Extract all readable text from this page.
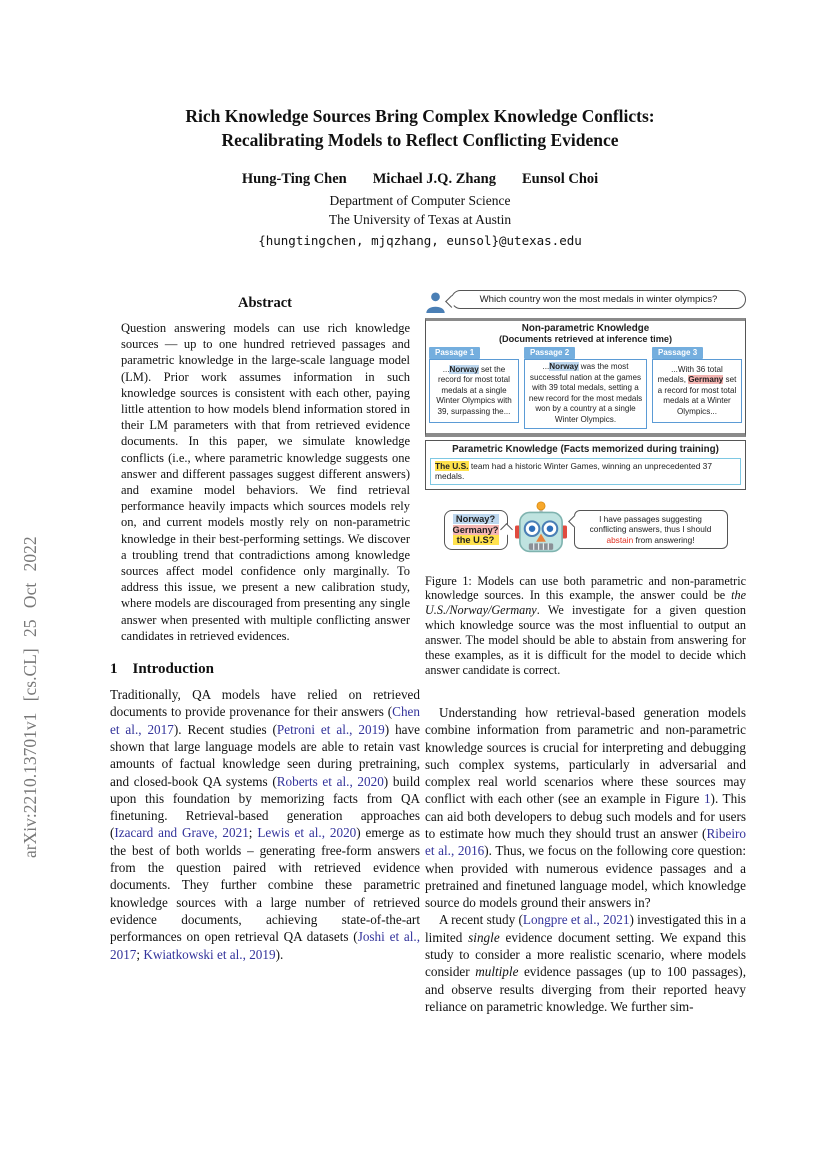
arXiv:2210.13701v1 [cs.CL] 25 Oct 2022
Rich Knowledge Sources Bring Complex Knowledge Conflicts:
Recalibrating Models to Reflect Conflicting Evidence
Hung-Ting Chen Michael J.Q. Zhang Eunsol Choi
Department of Computer Science
The University of Texas at Austin
{hungtingchen, mjqzhang, eunsol}@utexas.edu
Abstract
Question answering models can use rich knowledge sources — up to one hundred retrieved passages and parametric knowledge in the large-scale language model (LM). Prior work assumes information in such knowledge sources is consistent with each other, paying little attention to how models blend information stored in their LM parameters with that from retrieved evidence documents. In this paper, we simulate knowledge conflicts (i.e., where parametric knowledge suggests one answer and different passages suggest different answers) and examine model behaviors. We find retrieval performance heavily impacts which sources models rely on, and current models mostly rely on non-parametric knowledge in their best-performing settings. We discover a troubling trend that contradictions among knowledge sources affect model confidence only marginally. To address this issue, we present a new calibration study, where models are discouraged from presenting any single answer when presented with multiple conflicting answer candidates in retrieved evidences.
1 Introduction
Traditionally, QA models have relied on retrieved documents to provide provenance for their answers (Chen et al., 2017). Recent studies (Petroni et al., 2019) have shown that large language models are able to retain vast amounts of factual knowledge seen during pretraining, and closed-book QA systems (Roberts et al., 2020) build upon this foundation by memorizing facts from QA finetuning. Retrieval-based generation approaches (Izacard and Grave, 2021; Lewis et al., 2020) emerge as the best of both worlds – generating free-form answers from the question paired with retrieved evidence documents. They further combine these parametric knowledge sources with a large number of retrieved evidence documents, achieving state-of-the-art performances on open retrieval QA datasets (Joshi et al., 2017; Kwiatkowski et al., 2019).
Which country won the most medals in winter olympics?
Non-parametric Knowledge
(Documents retrieved at inference time)
Passage 1
...Norway set the record for most total medals at a single Winter Olympics with 39, surpassing the...
Passage 2
...Norway was the most successful nation at the games with 39 total medals, setting a new record for the most medals won by a country at a single Winter Olympics.
Passage 3
...With 36 total medals, Germany set a record for most total medals at a Winter Olympics...
Parametric Knowledge (Facts memorized during training)
The U.S. team had a historic Winter Games, winning an unprecedented 37 medals.
Norway?
Germany?
the U.S?
I have passages suggesting conflicting answers, thus I should abstain from answering!
Figure 1: Models can use both parametric and non-parametric knowledge sources. In this example, the answer could be the U.S./Norway/Germany. We investigate for a given question which knowledge source was the most influential to output an answer. The model should be able to abstain from answering for these examples, as it is difficult for the model to decide which answer candidate is correct.
Understanding how retrieval-based generation models combine information from parametric and non-parametric knowledge sources is crucial for interpreting and debugging such complex systems, particularly in adversarial and complex real world scenarios where these sources may conflict with each other (see an example in Figure 1). This can aid both developers to debug such models and for users to estimate how much they should trust an answer (Ribeiro et al., 2016). Thus, we focus on the following core question: when provided with numerous evidence passages and a pretrained and finetuned language model, which knowledge source do models ground their answers in?
A recent study (Longpre et al., 2021) investigated this in a limited single evidence document setting. We expand this study to consider a more realistic scenario, where models consider multiple evidence passages (up to 100 passages), and observe results diverging from their reported heavy reliance on parametric knowledge. We further sim-
